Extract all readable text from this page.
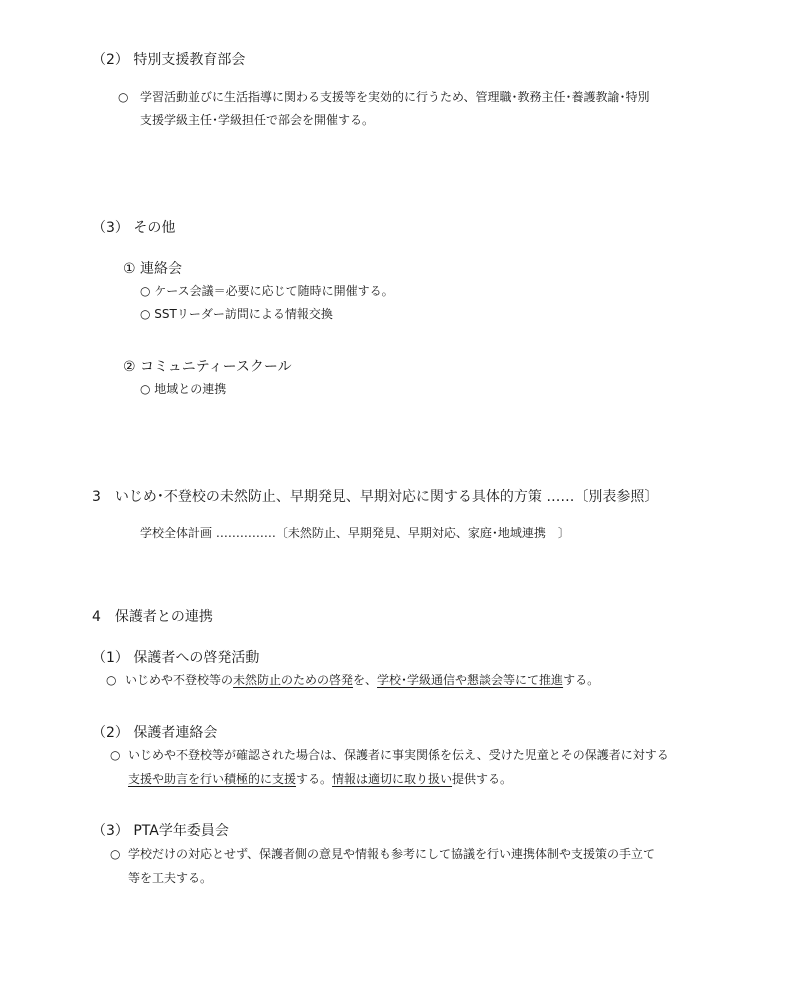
（2） 特別支援教育部会
○ 学習活動並びに生活指導に関わる支援等を実効的に行うため、管理職･教務主任･養護教諭･特別
支援学級主任･学級担任で部会を開催する。
（3） その他
① 連絡会
○ ケース会議＝必要に応じて随時に開催する。
○ SSTリーダー訪問による情報交換
② コミュニティースクール
○ 地域との連携
3　いじめ･不登校の未然防止、早期発見、早期対応に関する具体的方策 ……〔別表参照〕
学校全体計画 ……………〔未然防止、早期発見、早期対応、家庭･地域連携　〕
4　保護者との連携
（1） 保護者への啓発活動
○ いじめや不登校等の未然防止のための啓発を、学校･学級通信や懇談会等にて推進する。
（2） 保護者連絡会
○ いじめや不登校等が確認された場合は、保護者に事実関係を伝え、受けた児童とその保護者に対する
支援や助言を行い積極的に支援する。情報は適切に取り扱い提供する。
（3） PTA学年委員会
○ 学校だけの対応とせず、保護者側の意見や情報も参考にして協議を行い連携体制や支援策の手立て
等を工夫する。
